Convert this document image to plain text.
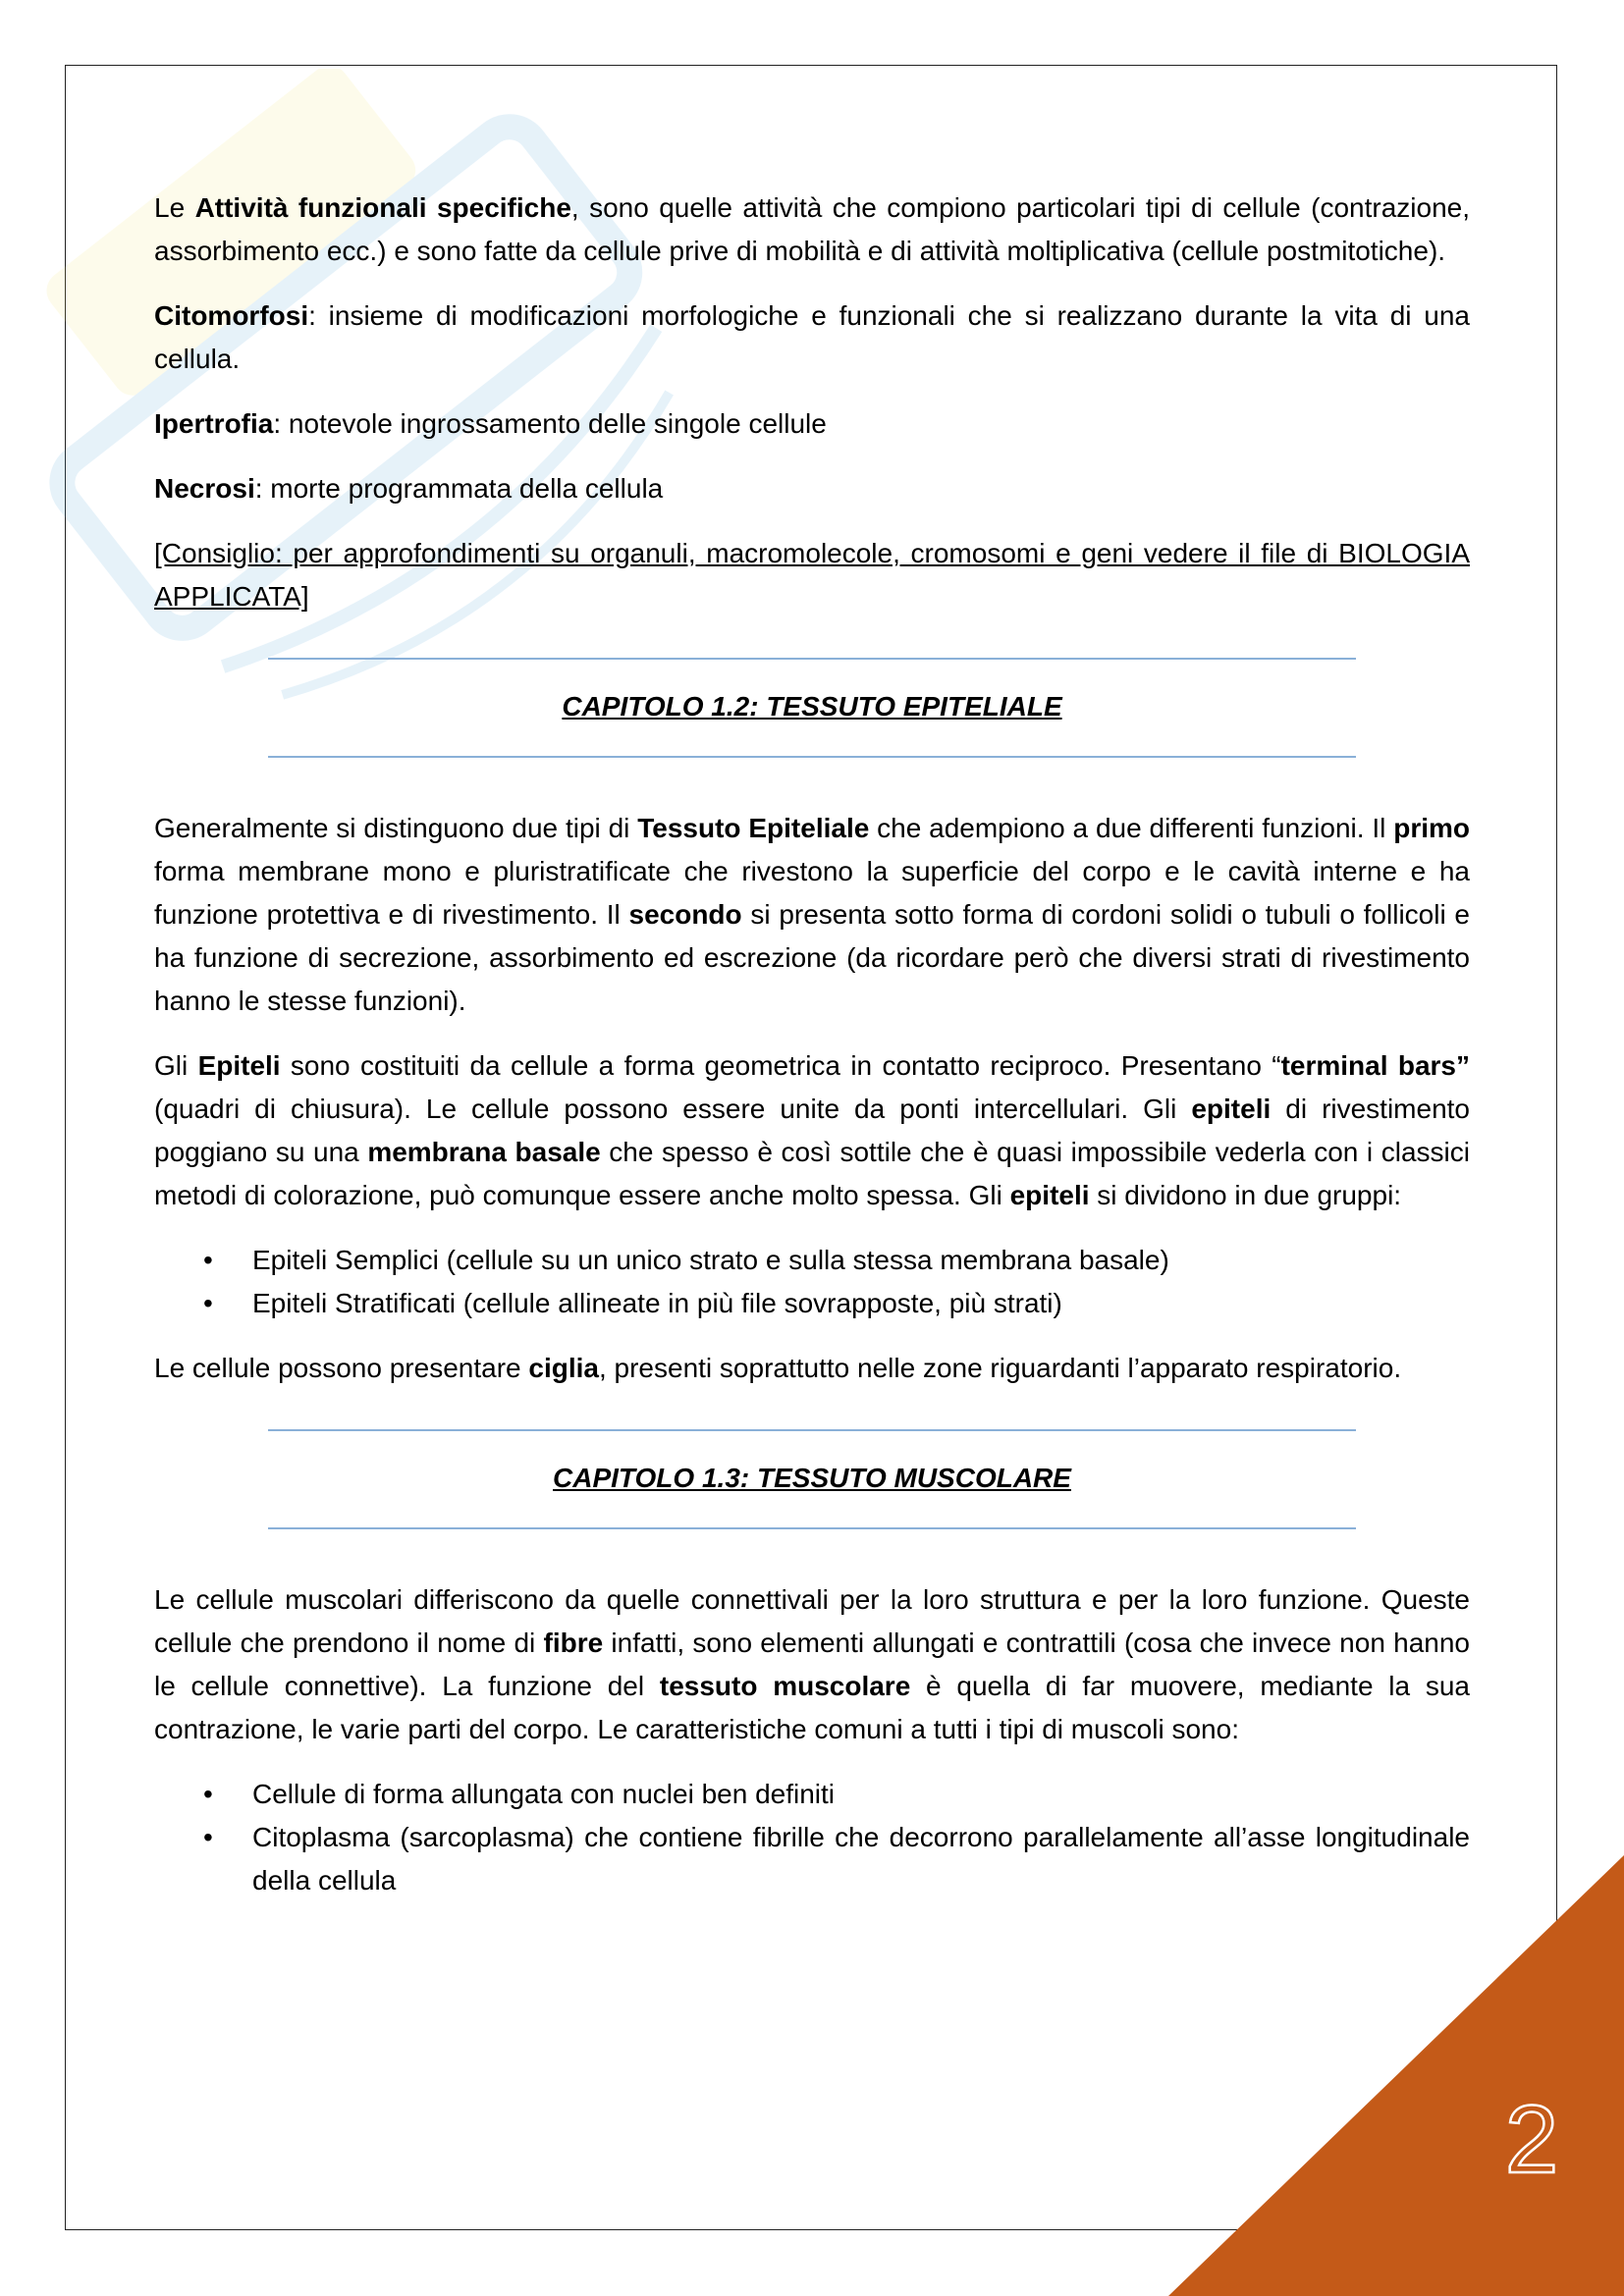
2

Le Attività funzionali specifiche, sono quelle attività che compiono particolari tipi di cellule (contrazione, assorbimento ecc.) e sono fatte da cellule prive di mobilità e di attività moltiplicativa (cellule postmitotiche).

Citomorfosi: insieme di modificazioni morfologiche e funzionali che si realizzano durante la vita di una cellula.

Ipertrofia: notevole ingrossamento delle singole cellule

Necrosi: morte programmata della cellula

[Consiglio: per approfondimenti su organuli, macromolecole, cromosomi e geni vedere il file di BIOLOGIA APPLICATA]

CAPITOLO 1.2: TESSUTO EPITELIALE

Generalmente si distinguono due tipi di Tessuto Epiteliale che adempiono a due differenti funzioni. Il primo forma membrane mono e pluristratificate che rivestono la superficie del corpo e le cavità interne e ha funzione protettiva e di rivestimento. Il secondo si presenta sotto forma di cordoni solidi o tubuli o follicoli e ha funzione di secrezione, assorbimento ed escrezione (da ricordare però che diversi strati di rivestimento hanno le stesse funzioni).

Gli Epiteli sono costituiti da cellule a forma geometrica in contatto reciproco. Presentano “terminal bars” (quadri di chiusura). Le cellule possono essere unite da ponti intercellulari. Gli epiteli di rivestimento poggiano su una membrana basale che spesso è così sottile che è quasi impossibile vederla con i classici metodi di colorazione, può comunque essere anche molto spessa. Gli epiteli si dividono in due gruppi:

• Epiteli Semplici (cellule su un unico strato e sulla stessa membrana basale)
• Epiteli Stratificati (cellule allineate in più file sovrapposte, più strati)

Le cellule possono presentare ciglia, presenti soprattutto nelle zone riguardanti l’apparato respiratorio.

CAPITOLO 1.3: TESSUTO MUSCOLARE

Le cellule muscolari differiscono da quelle connettivali per la loro struttura e per la loro funzione. Queste cellule che prendono il nome di fibre infatti, sono elementi allungati e contrattili (cosa che invece non hanno le cellule connettive). La funzione del tessuto muscolare è quella di far muovere, mediante la sua contrazione, le varie parti del corpo. Le caratteristiche comuni a tutti i tipi di muscoli sono:

• Cellule di forma allungata con nuclei ben definiti
• Citoplasma (sarcoplasma) che contiene fibrille che decorrono parallelamente all’asse longitudinale della cellula
